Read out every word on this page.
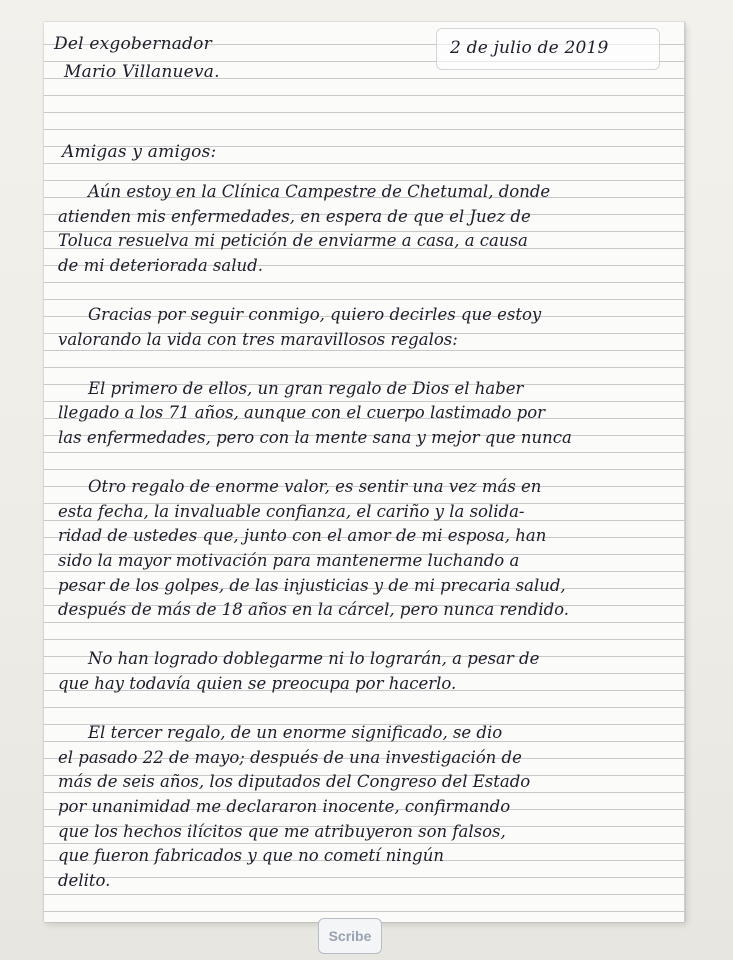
Del exgobernador
Mario Villanueva.
2 de julio de 2019
Amigas y amigos:
Aún estoy en la Clínica Campestre de Chetumal, donde
atienden mis enfermedades, en espera de que el Juez de
Toluca resuelva mi petición de enviarme a casa, a causa
de mi deteriorada salud.
Gracias por seguir conmigo, quiero decirles que estoy
valorando la vida con tres maravillosos regalos:
El primero de ellos, un gran regalo de Dios el haber
llegado a los 71 años, aunque con el cuerpo lastimado por
las enfermedades, pero con la mente sana y mejor que nunca
Otro regalo de enorme valor, es sentir una vez más en
esta fecha, la invaluable confianza, el cariño y la solida-
ridad de ustedes que, junto con el amor de mi esposa, han
sido la mayor motivación para mantenerme luchando a
pesar de los golpes, de las injusticias y de mi precaria salud,
después de más de 18 años en la cárcel, pero nunca rendido.
No han logrado doblegarme ni lo lograrán, a pesar de
que hay todavía quien se preocupa por hacerlo.
El tercer regalo, de un enorme significado, se dio
el pasado 22 de mayo; después de una investigación de
más de seis años, los diputados del Congreso del Estado
por unanimidad me declararon inocente, confirmando
que los hechos ilícitos que me atribuyeron son falsos,
que fueron fabricados y que no cometí ningún
delito.
Scribe
